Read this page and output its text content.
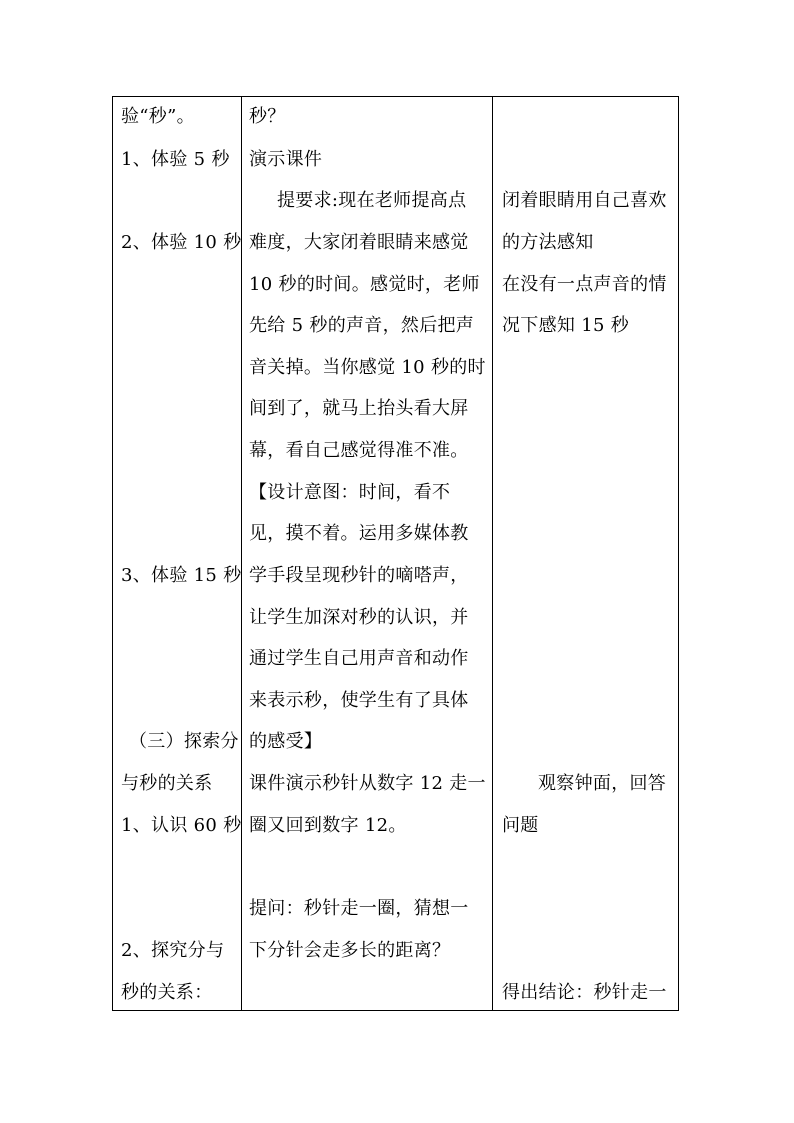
验“秒”。
1、体验 5 秒
2、体验 10 秒
3、体验 15 秒
（三）探索分
与秒的关系
1、认识 60 秒
2、探究分与
秒的关系：
秒？
演示课件
提要求:现在老师提高点
难度，大家闭着眼睛来感觉
10 秒的时间。感觉时，老师
先给 5 秒的声音，然后把声
音关掉。当你感觉 10 秒的时
间到了，就马上抬头看大屏
幕，看自己感觉得准不准。
【设计意图：时间，看不
见，摸不着。运用多媒体教
学手段呈现秒针的嘀嗒声，
让学生加深对秒的认识，并
通过学生自己用声音和动作
来表示秒，使学生有了具体
的感受】
课件演示秒针从数字 12 走一
圈又回到数字 12。
提问：秒针走一圈，猜想一
下分针会走多长的距离？
闭着眼睛用自己喜欢
的方法感知
在没有一点声音的情
况下感知 15 秒
观察钟面，回答
问题
得出结论：秒针走一
